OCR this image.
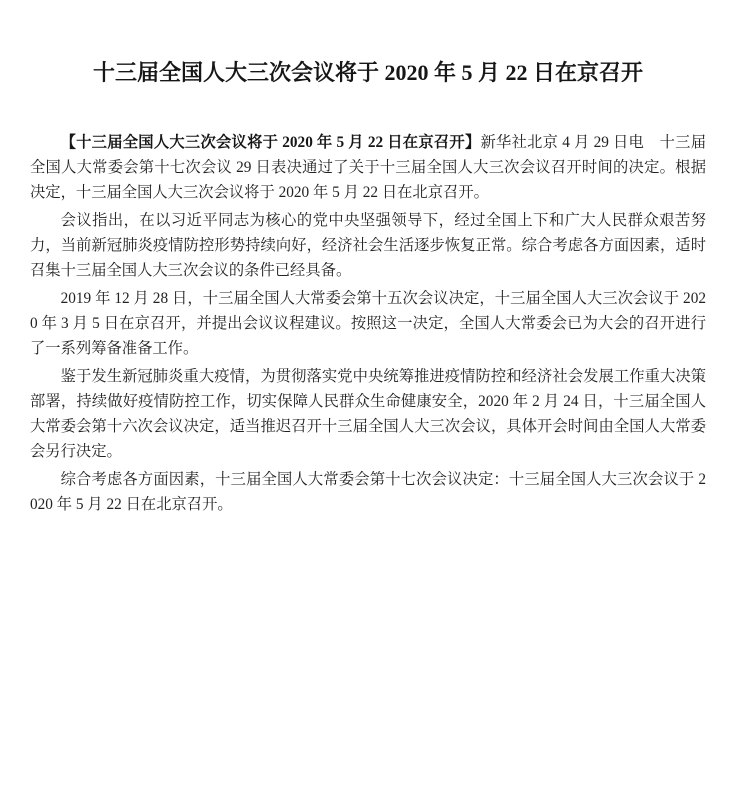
十三届全国人大三次会议将于 2020 年 5 月 22 日在京召开

【十三届全国人大三次会议将于 2020 年 5 月 22 日在京召开】新华社北京 4 月 29 日电　十三届全国人大常委会第十七次会议 29 日表决通过了关于十三届全国人大三次会议召开时间的决定。根据决定，十三届全国人大三次会议将于 2020 年 5 月 22 日在北京召开。

会议指出，在以习近平同志为核心的党中央坚强领导下，经过全国上下和广大人民群众艰苦努力，当前新冠肺炎疫情防控形势持续向好，经济社会生活逐步恢复正常。综合考虑各方面因素，适时召集十三届全国人大三次会议的条件已经具备。

2019 年 12 月 28 日，十三届全国人大常委会第十五次会议决定，十三届全国人大三次会议于 2020 年 3 月 5 日在京召开，并提出会议议程建议。按照这一决定，全国人大常委会已为大会的召开进行了一系列筹备准备工作。

鉴于发生新冠肺炎重大疫情，为贯彻落实党中央统筹推进疫情防控和经济社会发展工作重大决策部署，持续做好疫情防控工作，切实保障人民群众生命健康安全，2020 年 2 月 24 日，十三届全国人大常委会第十六次会议决定，适当推迟召开十三届全国人大三次会议，具体开会时间由全国人大常委会另行决定。

综合考虑各方面因素，十三届全国人大常委会第十七次会议决定：十三届全国人大三次会议于 2020 年 5 月 22 日在北京召开。
